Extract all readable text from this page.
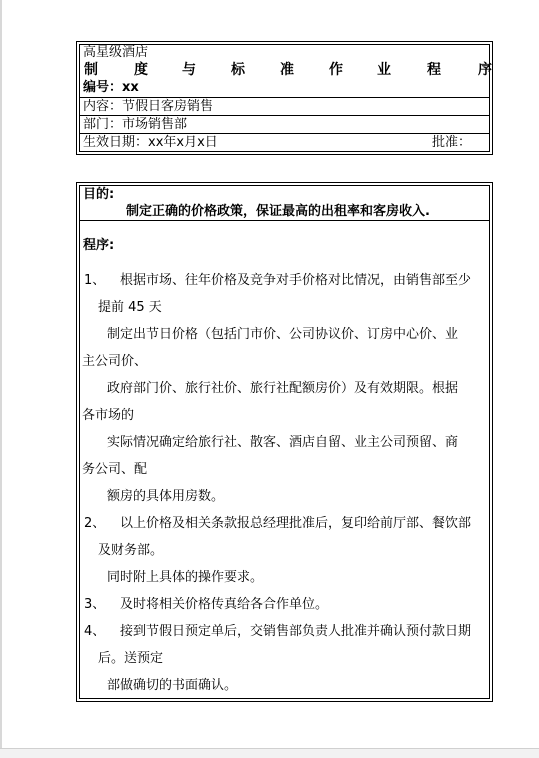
高星级酒店
制	度 与	标	准	作 业	程	序
编号：xx
内容：节假日客房销售
部门：市场销售部
生效日期：xx年x月x日	批准：
目的:
制定正确的价格政策，保证最高的出租率和客房收入.
程序:
1、 根据市场、往年价格及竞争对手价格对比情况，由销售部至少
提前 45 天
制定出节日价格（包括门市价、公司协议价、订房中心价、业
主公司价、
政府部门价、旅行社价、旅行社配额房价）及有效期限。根据
各市场的
实际情况确定给旅行社、散客、酒店自留、业主公司预留、商
务公司、配
额房的具体用房数。
2、 以上价格及相关条款报总经理批准后，复印给前厅部、餐饮部
及财务部。
同时附上具体的操作要求。
3、 及时将相关价格传真给各合作单位。
4、 接到节假日预定单后，交销售部负责人批准并确认预付款日期
后。送预定
部做确切的书面确认。
